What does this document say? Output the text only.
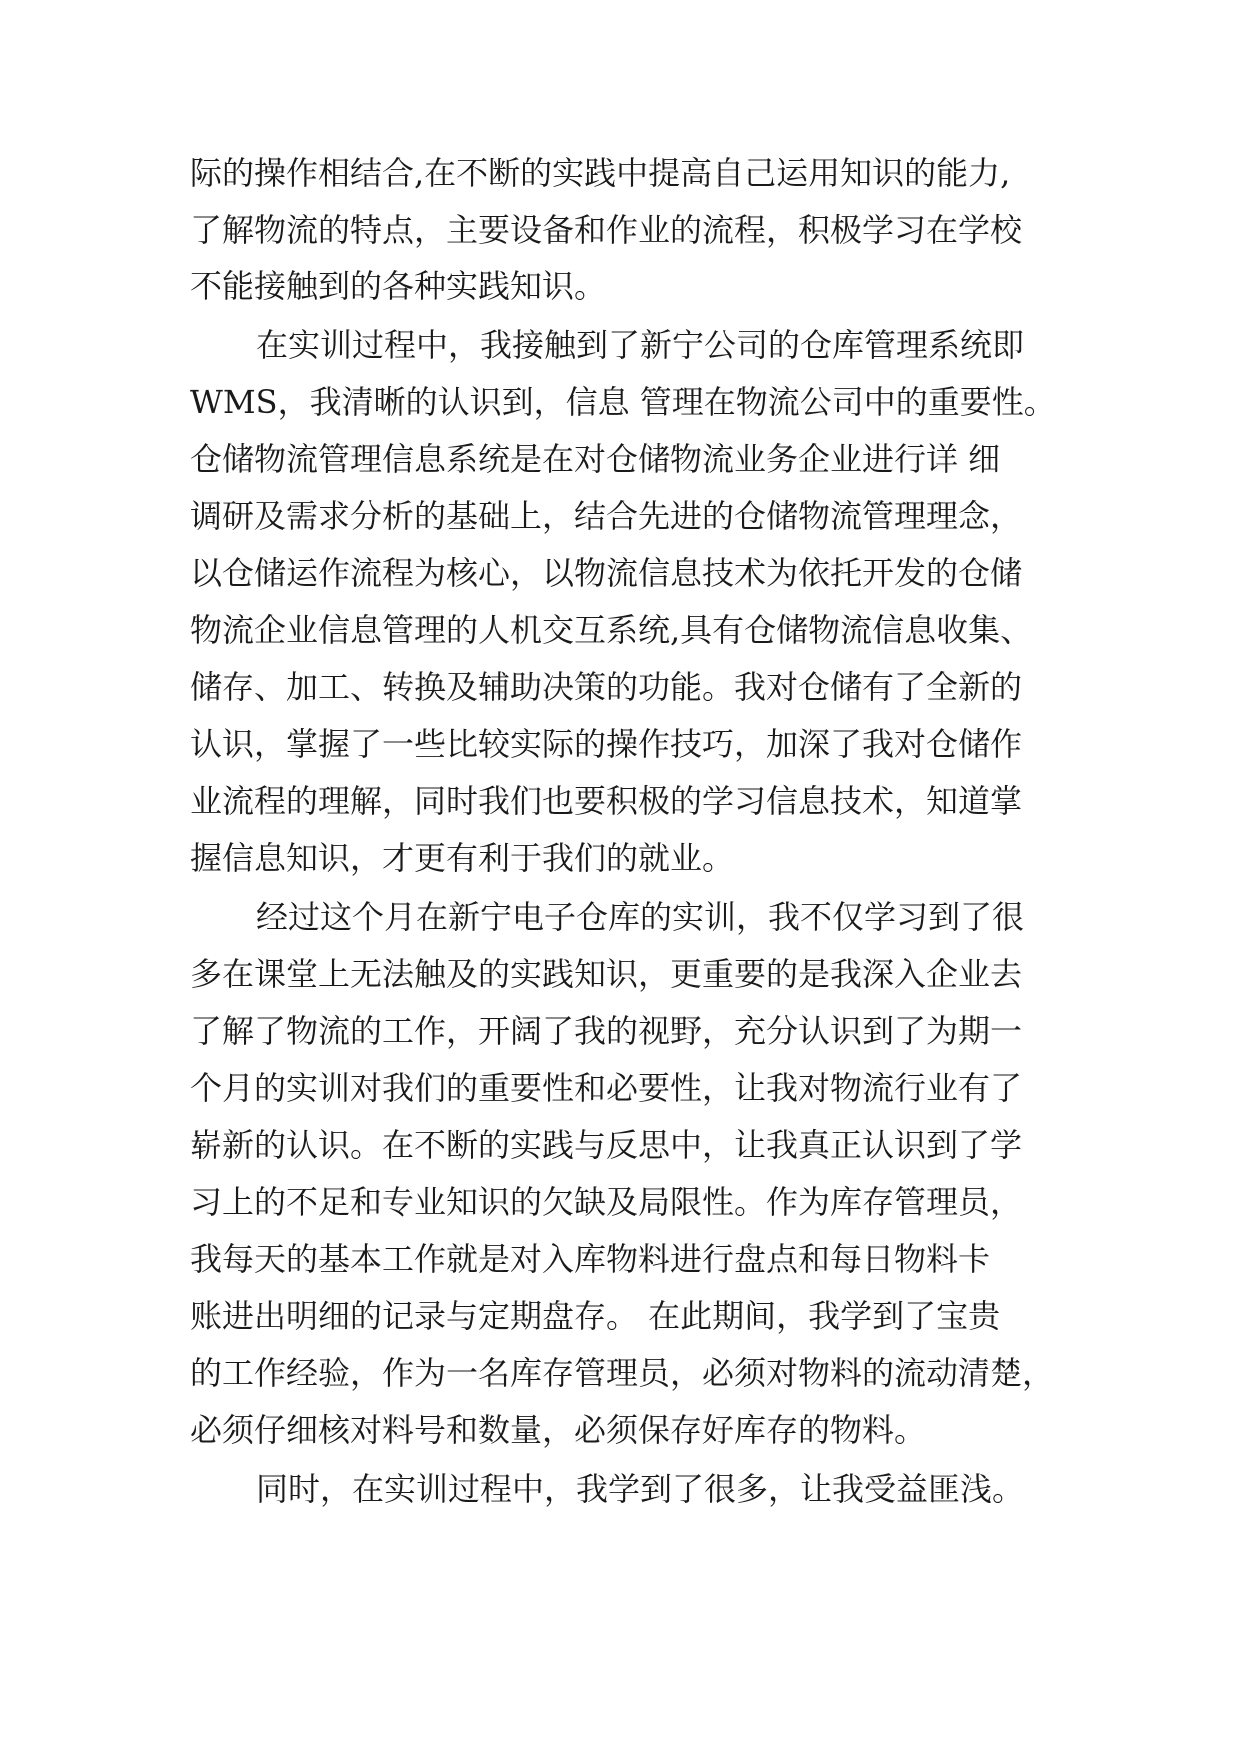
际的操作相结合,在不断的实践中提高自己运用知识的能力,
了解物流的特点，主要设备和作业的流程，积极学习在学校
不能接触到的各种实践知识。
在实训过程中，我接触到了新宁公司的仓库管理系统即
WMS，我清晰的认识到，信息 管理在物流公司中的重要性。
仓储物流管理信息系统是在对仓储物流业务企业进行详 细
调研及需求分析的基础上，结合先进的仓储物流管理理念，
以仓储运作流程为核心，以物流信息技术为依托开发的仓储
物流企业信息管理的人机交互系统,具有仓储物流信息收集、
储存、加工、转换及辅助决策的功能。我对仓储有了全新的
认识，掌握了一些比较实际的操作技巧，加深了我对仓储作
业流程的理解，同时我们也要积极的学习信息技术，知道掌
握信息知识，才更有利于我们的就业。
经过这个月在新宁电子仓库的实训，我不仅学习到了很
多在课堂上无法触及的实践知识，更重要的是我深入企业去
了解了物流的工作，开阔了我的视野，充分认识到了为期一
个月的实训对我们的重要性和必要性，让我对物流行业有了
崭新的认识。在不断的实践与反思中，让我真正认识到了学
习上的不足和专业知识的欠缺及局限性。作为库存管理员，
我每天的基本工作就是对入库物料进行盘点和每日物料卡
账进出明细的记录与定期盘存。 在此期间，我学到了宝贵
的工作经验，作为一名库存管理员，必须对物料的流动清楚，
必须仔细核对料号和数量，必须保存好库存的物料。
同时，在实训过程中，我学到了很多，让我受益匪浅。
